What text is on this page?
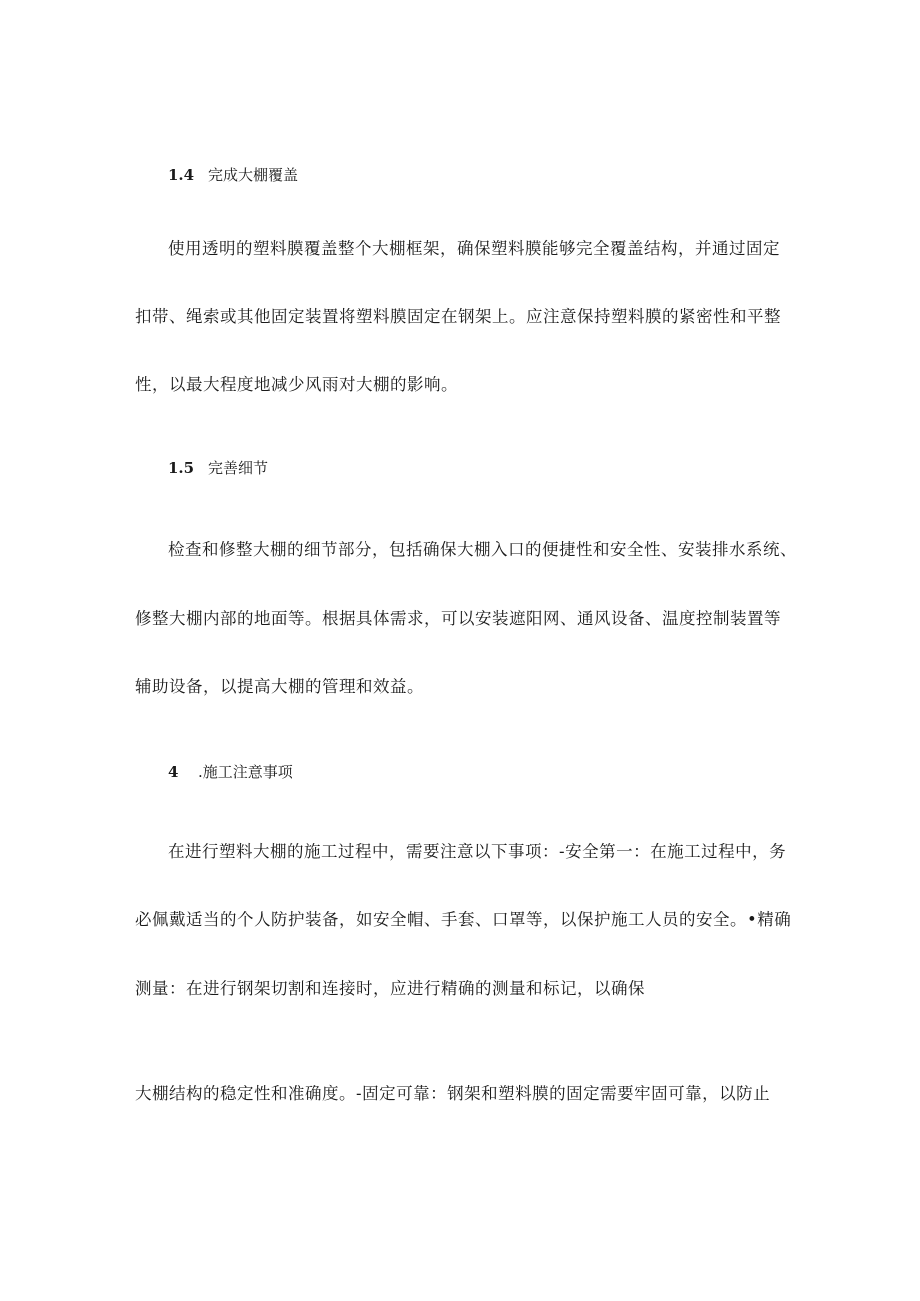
1.4 完成大棚覆盖
使用透明的塑料膜覆盖整个大棚框架，确保塑料膜能够完全覆盖结构，并通过固定
扣带、绳索或其他固定装置将塑料膜固定在钢架上。应注意保持塑料膜的紧密性和平整
性，以最大程度地减少风雨对大棚的影响。
1.5 完善细节
检查和修整大棚的细节部分，包括确保大棚入口的便捷性和安全性、安装排水系统、
修整大棚内部的地面等。根据具体需求，可以安装遮阳网、通风设备、温度控制装置等
辅助设备，以提高大棚的管理和效益。
4 .施工注意事项
在进行塑料大棚的施工过程中，需要注意以下事项：-安全第一：在施工过程中，务
必佩戴适当的个人防护装备，如安全帽、手套、口罩等，以保护施工人员的安全。•精确
测量：在进行钢架切割和连接时，应进行精确的测量和标记，以确保
大棚结构的稳定性和准确度。-固定可靠：钢架和塑料膜的固定需要牢固可靠，以防止
